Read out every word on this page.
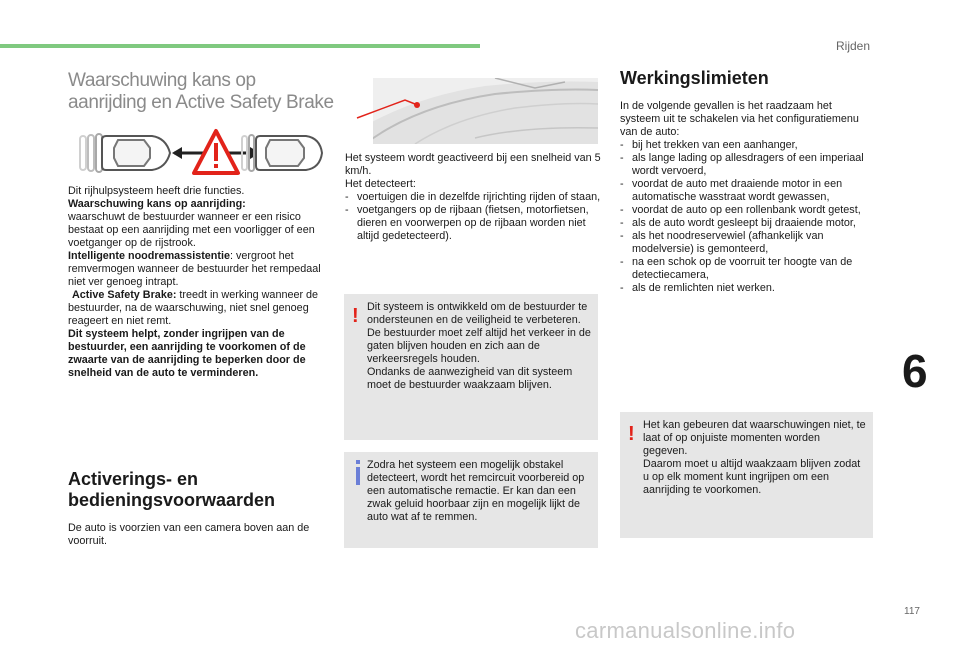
Rijden
Waarschuwing kans op aanrijding en Active Safety Brake

Dit rijhulpsysteem heeft drie functies.

Waarschuwing kans op aanrijding:
waarschuwt de bestuurder wanneer er een risico bestaat op een aanrijding met een voorligger of een voetganger op de rijstrook.

Intelligente noodremassistentie: vergroot het remvermogen wanneer de bestuurder het rempedaal niet ver genoeg intrapt.

Active Safety Brake: treedt in werking wanneer de bestuurder, na de waarschuwing, niet snel genoeg reageert en niet remt.

Dit systeem helpt, zonder ingrijpen van de bestuurder, een aanrijding te voorkomen of de zwaarte van de aanrijding te beperken door de snelheid van de auto te verminderen.

Activerings- en bedieningsvoorwaarden
De auto is voorzien van een camera boven aan de voorruit.

Het systeem wordt geactiveerd bij een snelheid van 5 km/h.

Het detecteert:

- voertuigen die in dezelfde rijrichting rijden of staan,
- voetgangers op de rijbaan (fietsen, motorfietsen, dieren en voorwerpen op de rijbaan worden niet altijd gedetecteerd).
! Dit systeem is ontwikkeld om de bestuurder te ondersteunen en de veiligheid te verbeteren.

De bestuurder moet zelf altijd het verkeer in de gaten blijven houden en zich aan de verkeersregels houden.

Ondanks de aanwezigheid van dit systeem moet de bestuurder waakzaam blijven.

Zodra het systeem een mogelijk obstakel detecteert, wordt het remcircuit voorbereid op een automatische remactie. Er kan dan een zwak geluid hoorbaar zijn en mogelijk lijkt de auto wat af te remmen.
Werkingslimieten

In de volgende gevallen is het raadzaam het systeem uit te schakelen via het configuratiemenu van de auto:

- bij het trekken van een aanhanger,
- als lange lading op allesdragers of een imperiaal wordt vervoerd,
- voordat de auto met draaiende motor in een automatische wasstraat wordt gewassen,
- voordat de auto op een rollenbank wordt getest,
- als de auto wordt gesleept bij draaiende motor,
- als het noodreservewiel (afhankelijk van modelversie) is gemonteerd,
- na een schok op de voorruit ter hoogte van de detectiecamera,
- als de remlichten niet werken.
! Het kan gebeuren dat waarschuwingen niet, te laat of op onjuiste momenten worden gegeven.

Daarom moet u altijd waakzaam blijven zodat u op elk moment kunt ingrijpen om een aanrijding te voorkomen.

6
117
carmanualsonline.info
